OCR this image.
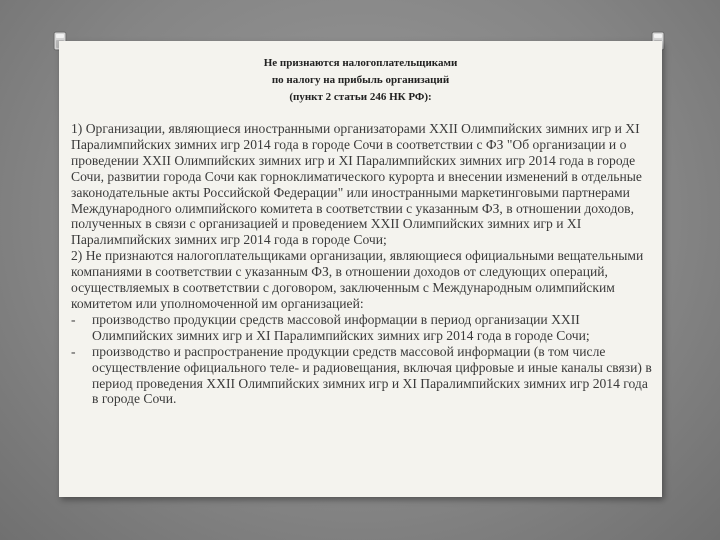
Не признаются налогоплательщиками
по налогу на прибыль организаций
(пункт 2 статьи 246 НК РФ):

1) Организации, являющиеся иностранными организаторами XXII Олимпийских зимних игр и XI Паралимпийских зимних игр 2014 года в городе Сочи в соответствии с ФЗ "Об организации и о проведении XXII Олимпийских зимних игр и XI Паралимпийских зимних игр 2014 года в городе Сочи, развитии города Сочи как горноклиматического курорта и внесении изменений в отдельные законодательные акты Российской Федерации" или иностранными маркетинговыми партнерами Международного олимпийского комитета в соответствии с указанным ФЗ, в отношении доходов, полученных в связи с организацией и проведением XXII Олимпийских зимних игр и XI Паралимпийских зимних игр 2014 года в городе Сочи;

2) Не признаются налогоплательщиками организации, являющиеся официальными вещательными компаниями в соответствии с указанным ФЗ, в отношении доходов от следующих операций, осуществляемых в соответствии с договором, заключенным с Международным олимпийским комитетом или уполномоченной им организацией:

- производство продукции средств массовой информации в период организации XXII Олимпийских зимних игр и XI Паралимпийских зимних игр 2014 года в городе Сочи;
- производство и распространение продукции средств массовой информации (в том числе осуществление официального теле- и радиовещания, включая цифровые и иные каналы связи) в период проведения XXII Олимпийских зимних игр и XI Паралимпийских зимних игр 2014 года в городе Сочи.
